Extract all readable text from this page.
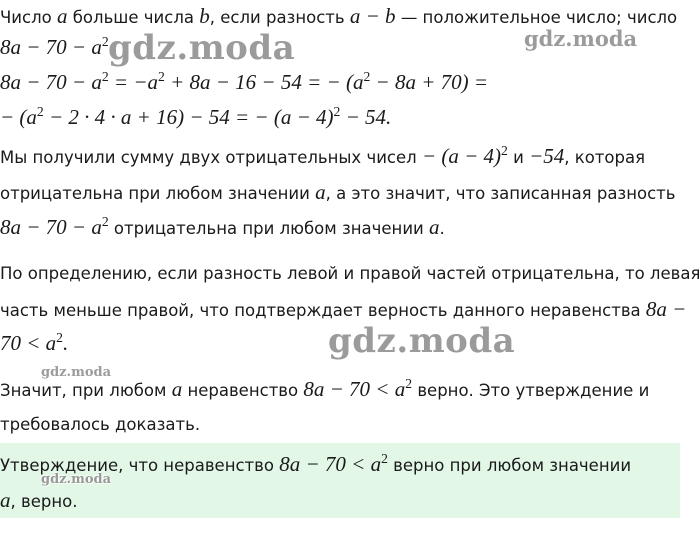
Число a больше числа b, если разность a − b — положительное число; число
$8a - 70 - a^2$
$8a - 70 - a^2 = -a^2 + 8a - 16 - 54$ = − $(a^2 - 8a + 70)$ =
− $(a^2 - 2 \cdot 4 \cdot a + 16) - 54$ = − $(a - 4)^2 - 54$.
Мы получили сумму двух отрицательных чисел − $(a - 4)^2$ и −54, которая
отрицательна при любом значении a, а это значит, что записанная разность
$8a - 70 - a^2$ отрицательна при любом значении a.
По определению, если разность левой и правой частей отрицательна, то левая
часть меньше правой, что подтверждает верность данного неравенства 8a −
$70 < a^2$.
Значит, при любом a неравенство $8a - 70 < a^2$ верно. Это утверждение и
требовалось доказать.
Утверждение, что неравенство $8a - 70 < a^2$ верно при любом значении
a, верно.
gdz.moda	gdz.moda
gdz.moda
gdz.moda
gdz.moda
